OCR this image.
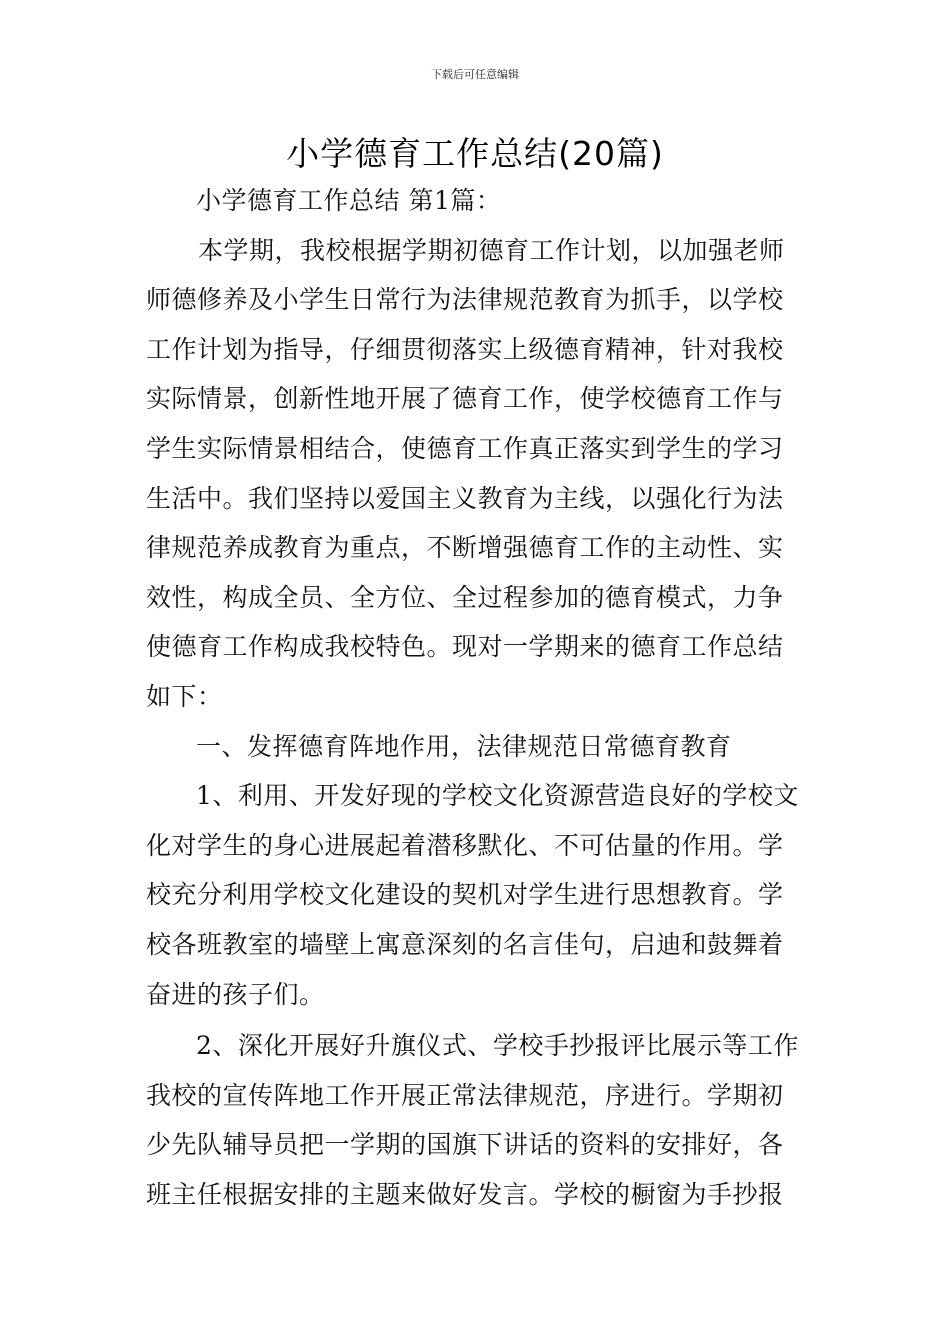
下载后可任意编辑
小学德育工作总结(20篇)
小学德育工作总结 第1篇：
本学期，我校根据学期初德育工作计划，以加强老师
师德修养及小学生日常行为法律规范教育为抓手，以学校
工作计划为指导，仔细贯彻落实上级德育精神，针对我校
实际情景，创新性地开展了德育工作，使学校德育工作与
学生实际情景相结合，使德育工作真正落实到学生的学习
生活中。我们坚持以爱国主义教育为主线，以强化行为法
律规范养成教育为重点，不断增强德育工作的主动性、实
效性，构成全员、全方位、全过程参加的德育模式，力争
使德育工作构成我校特色。现对一学期来的德育工作总结
如下：
一、发挥德育阵地作用，法律规范日常德育教育
1、利用、开发好现的学校文化资源营造良好的学校文
化对学生的身心进展起着潜移默化、不可估量的作用。学
校充分利用学校文化建设的契机对学生进行思想教育。学
校各班教室的墙壁上寓意深刻的名言佳句，启迪和鼓舞着
奋进的孩子们。
2、深化开展好升旗仪式、学校手抄报评比展示等工作
我校的宣传阵地工作开展正常法律规范，序进行。学期初
少先队辅导员把一学期的国旗下讲话的资料的安排好，各
班主任根据安排的主题来做好发言。学校的橱窗为手抄报
